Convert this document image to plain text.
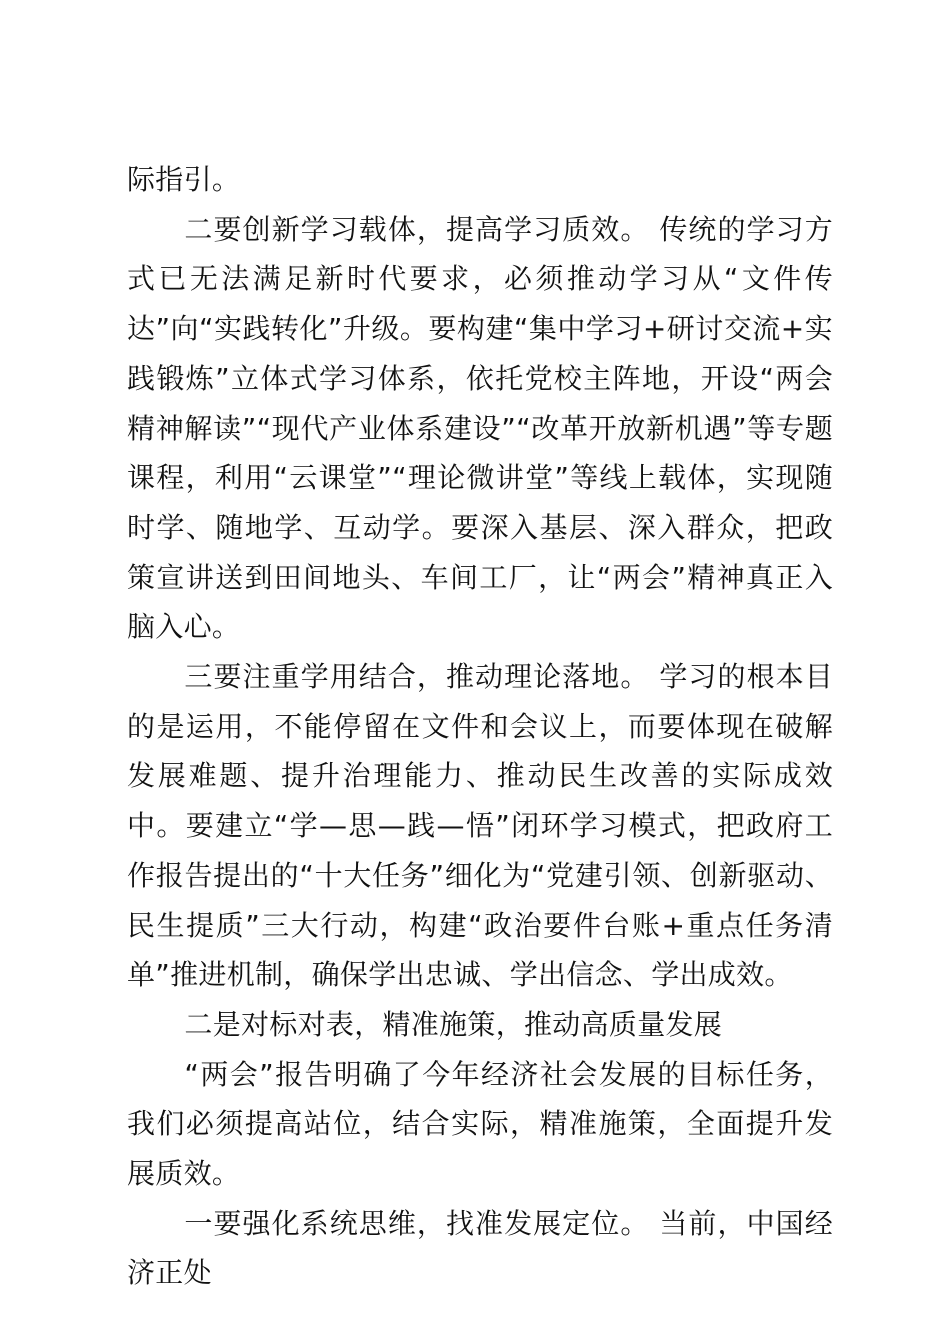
际指引。

二要创新学习载体，提高学习质效。 传统的学习方式已无法满足新时代要求，必须推动学习从“文件传达”向“实践转化”升级。要构建“集中学习+研讨交流+实践锻炼”立体式学习体系，依托党校主阵地，开设“两会精神解读”“现代产业体系建设”“改革开放新机遇”等专题课程，利用“云课堂”“理论微讲堂”等线上载体，实现随时学、随地学、互动学。要深入基层、深入群众，把政策宣讲送到田间地头、车间工厂，让“两会”精神真正入脑入心。

三要注重学用结合，推动理论落地。 学习的根本目的是运用，不能停留在文件和会议上，而要体现在破解发展难题、提升治理能力、推动民生改善的实际成效中。要建立“学—思—践—悟”闭环学习模式，把政府工作报告提出的“十大任务”细化为“党建引领、创新驱动、民生提质”三大行动，构建“政治要件台账+重点任务清单”推进机制，确保学出忠诚、学出信念、学出成效。

二是对标对表，精准施策，推动高质量发展

“两会”报告明确了今年经济社会发展的目标任务，我们必须提高站位，结合实际，精准施策，全面提升发展质效。

一要强化系统思维，找准发展定位。 当前，中国经济正处
